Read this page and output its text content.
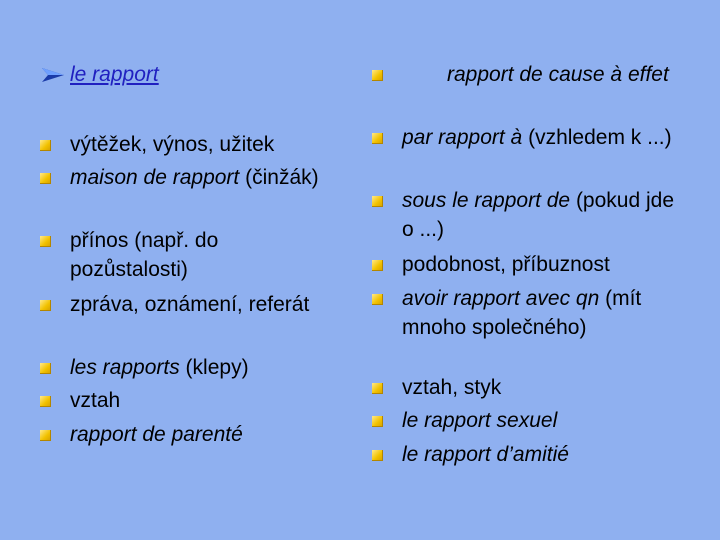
le rapport
výtěžek, výnos, užitek
maison de rapport (činžák)
přínos (např. do pozůstalosti)
zpráva, oznámení, referát
les rapports (klepy)
vztah
rapport de parenté
rapport de cause à effet
par rapport à (vzhledem k ...)
sous le rapport de (pokud jde o ...)
podobnost, příbuznost
avoir rapport avec qn (mít mnoho společného)
vztah, styk
le rapport sexuel
le rapport d’amitié
